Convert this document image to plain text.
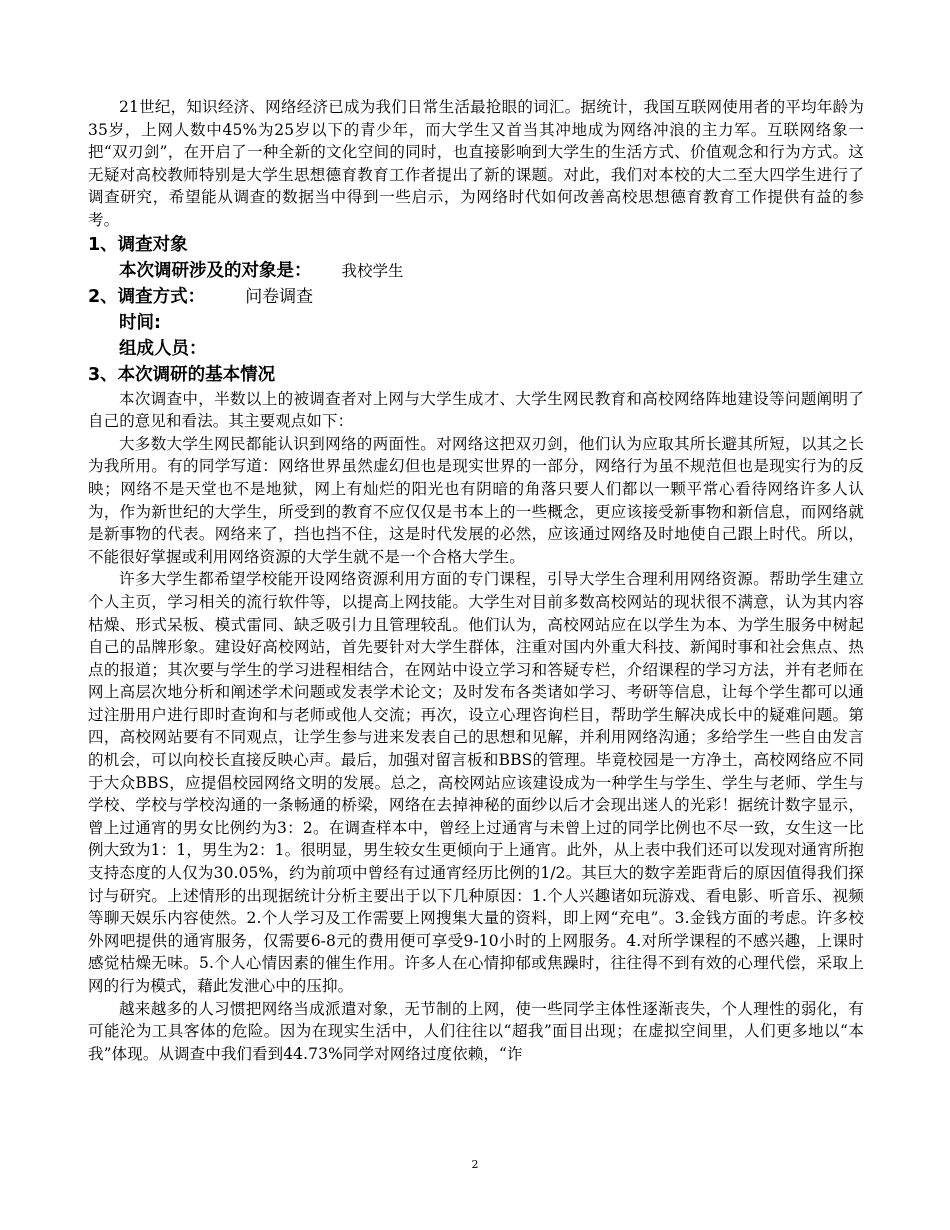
21世纪，知识经济、网络经济已成为我们日常生活最抢眼的词汇。据统计，我国互联网使用者的平均年龄为35岁，上网人数中45%为25岁以下的青少年，而大学生又首当其冲地成为网络冲浪的主力军。互联网络象一把“双刃剑”，在开启了一种全新的文化空间的同时，也直接影响到大学生的生活方式、价值观念和行为方式。这无疑对高校教师特别是大学生思想德育教育工作者提出了新的课题。对此，我们对本校的大二至大四学生进行了调查研究，希望能从调查的数据当中得到一些启示，为网络时代如何改善高校思想德育教育工作提供有益的参考。

1、调查对象

本次调研涉及的对象是： 我校学生

2、调查方式： 问卷调查

时间:

组成人员：

3、本次调研的基本情况

本次调查中，半数以上的被调查者对上网与大学生成才、大学生网民教育和高校网络阵地建设等问题阐明了自己的意见和看法。其主要观点如下：

大多数大学生网民都能认识到网络的两面性。对网络这把双刃剑，他们认为应取其所长避其所短，以其之长为我所用。有的同学写道：网络世界虽然虚幻但也是现实世界的一部分，网络行为虽不规范但也是现实行为的反映；网络不是天堂也不是地狱，网上有灿烂的阳光也有阴暗的角落只要人们都以一颗平常心看待网络许多人认为，作为新世纪的大学生，所受到的教育不应仅仅是书本上的一些概念，更应该接受新事物和新信息，而网络就是新事物的代表。网络来了，挡也挡不住，这是时代发展的必然，应该通过网络及时地使自己跟上时代。所以，不能很好掌握或利用网络资源的大学生就不是一个合格大学生。

许多大学生都希望学校能开设网络资源利用方面的专门课程，引导大学生合理利用网络资源。帮助学生建立个人主页，学习相关的流行软件等，以提高上网技能。大学生对目前多数高校网站的现状很不满意，认为其内容枯燥、形式呆板、模式雷同、缺乏吸引力且管理较乱。他们认为，高校网站应在以学生为本、为学生服务中树起自己的品牌形象。建设好高校网站，首先要针对大学生群体，注重对国内外重大科技、新闻时事和社会焦点、热点的报道；其次要与学生的学习进程相结合，在网站中设立学习和答疑专栏，介绍课程的学习方法，并有老师在网上高层次地分析和阐述学术问题或发表学术论文；及时发布各类诸如学习、考研等信息，让每个学生都可以通过注册用户进行即时查询和与老师或他人交流；再次，设立心理咨询栏目，帮助学生解决成长中的疑难问题。第四，高校网站要有不同观点，让学生参与进来发表自己的思想和见解，并利用网络沟通；多给学生一些自由发言的机会，可以向校长直接反映心声。最后，加强对留言板和BBS的管理。毕竟校园是一方净土，高校网络应不同于大众BBS，应提倡校园网络文明的发展。总之，高校网站应该建设成为一种学生与学生、学生与老师、学生与学校、学校与学校沟通的一条畅通的桥梁，网络在去掉神秘的面纱以后才会现出迷人的光彩！据统计数字显示，曾上过通宵的男女比例约为3：2。在调查样本中，曾经上过通宵与未曾上过的同学比例也不尽一致，女生这一比例大致为1：1，男生为2：1。很明显，男生较女生更倾向于上通宵。此外，从上表中我们还可以发现对通宵所抱支持态度的人仅为30.05%，约为前项中曾经有过通宵经历比例的1/2。其巨大的数字差距背后的原因值得我们探讨与研究。上述情形的出现据统计分析主要出于以下几种原因：1.个人兴趣诸如玩游戏、看电影、听音乐、视频等聊天娱乐内容使然。2.个人学习及工作需要上网搜集大量的资料，即上网“充电”。3.金钱方面的考虑。许多校外网吧提供的通宵服务，仅需要6-8元的费用便可享受9-10小时的上网服务。4.对所学课程的不感兴趣，上课时感觉枯燥无味。5.个人心情因素的催生作用。许多人在心情抑郁或焦躁时，往往得不到有效的心理代偿，采取上网的行为模式，藉此发泄心中的压抑。

越来越多的人习惯把网络当成派遣对象，无节制的上网，使一些同学主体性逐渐丧失，个人理性的弱化，有可能沦为工具客体的危险。因为在现实生活中，人们往往以“超我”面目出现；在虚拟空间里，人们更多地以“本我”体现。从调查中我们看到44.73%同学对网络过度依赖，“诈

2
